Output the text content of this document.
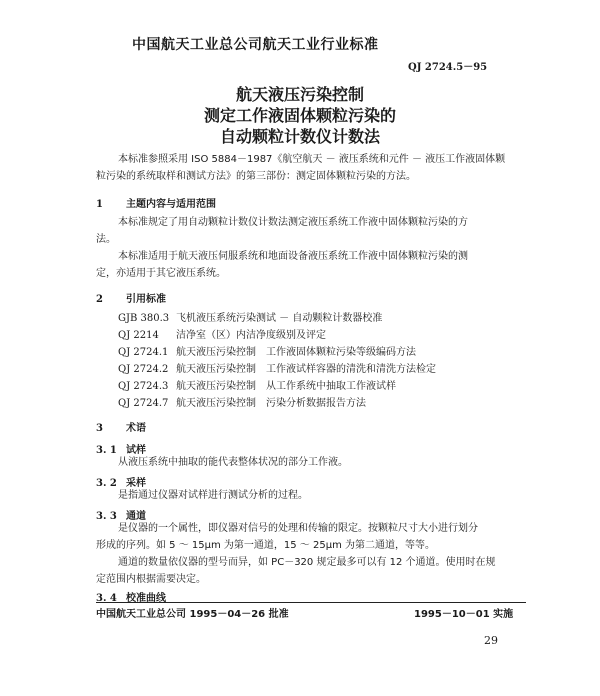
中国航天工业总公司航天工业行业标准
QJ 2724.5－95
航天液压污染控制
测定工作液固体颗粒污染的
自动颗粒计数仪计数法
本标准参照采用 ISO 5884－1987《航空航天 － 液压系统和元件 － 液压工作液固体颗
粒污染的系统取样和测试方法》的第三部份：测定固体颗粒污染的方法。
1 主题内容与适用范围
本标准规定了用自动颗粒计数仪计数法测定液压系统工作液中固体颗粒污染的方
法。
本标准适用于航天液压伺服系统和地面设备液压系统工作液中固体颗粒污染的测
定，亦适用于其它液压系统。
2 引用标准
GJB 380.3 飞机液压系统污染测试 － 自动颗粒计数器校准
QJ 2214 洁净室（区）内洁净度级别及评定
QJ 2724.1 航天液压污染控制　工作液固体颗粒污染等级编码方法
QJ 2724.2 航天液压污染控制　工作液试样容器的清洗和清洗方法检定
QJ 2724.3 航天液压污染控制　从工作系统中抽取工作液试样
QJ 2724.7 航天液压污染控制　污染分析数据报告方法
3 术语
3. 1 试样
从液压系统中抽取的能代表整体状况的部分工作液。
3. 2 采样
是指通过仪器对试样进行测试分析的过程。
3. 3 通道
是仪器的一个属性，即仪器对信号的处理和传输的限定。按颗粒尺寸大小进行划分
形成的序列。如 5 ～ 15μm 为第一通道，15 ～ 25μm 为第二通道，等等。
通道的数量依仪器的型号而异，如 PC－320 规定最多可以有 12 个通道。使用时在规
定范围内根据需要决定。
3. 4 校准曲线
中国航天工业总公司 1995－04－26 批准	1995－10－01 实施
29
